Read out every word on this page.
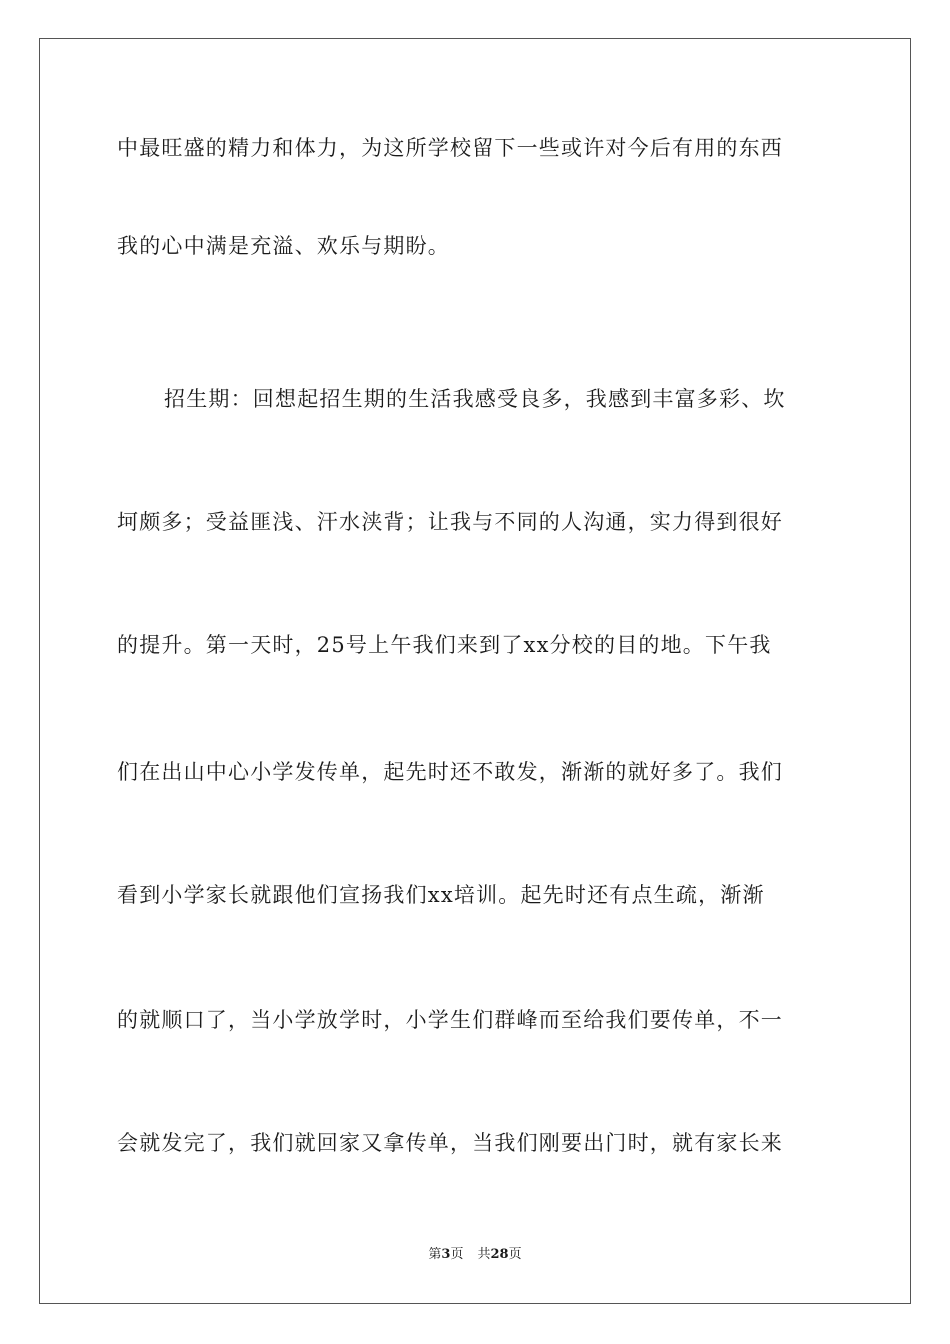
中最旺盛的精力和体力，为这所学校留下一些或许对今后有用的东西
我的心中满是充溢、欢乐与期盼。
招生期：回想起招生期的生活我感受良多，我感到丰富多彩、坎
坷颇多；受益匪浅、汗水浃背；让我与不同的人沟通，实力得到很好
的提升。第一天时，25号上午我们来到了xx分校的目的地。下午我
们在出山中心小学发传单，起先时还不敢发，渐渐的就好多了。我们
看到小学家长就跟他们宣扬我们xx培训。起先时还有点生疏，渐渐
的就顺口了，当小学放学时，小学生们群峰而至给我们要传单，不一
会就发完了，我们就回家又拿传单，当我们刚要出门时，就有家长来
第3页 共28页
